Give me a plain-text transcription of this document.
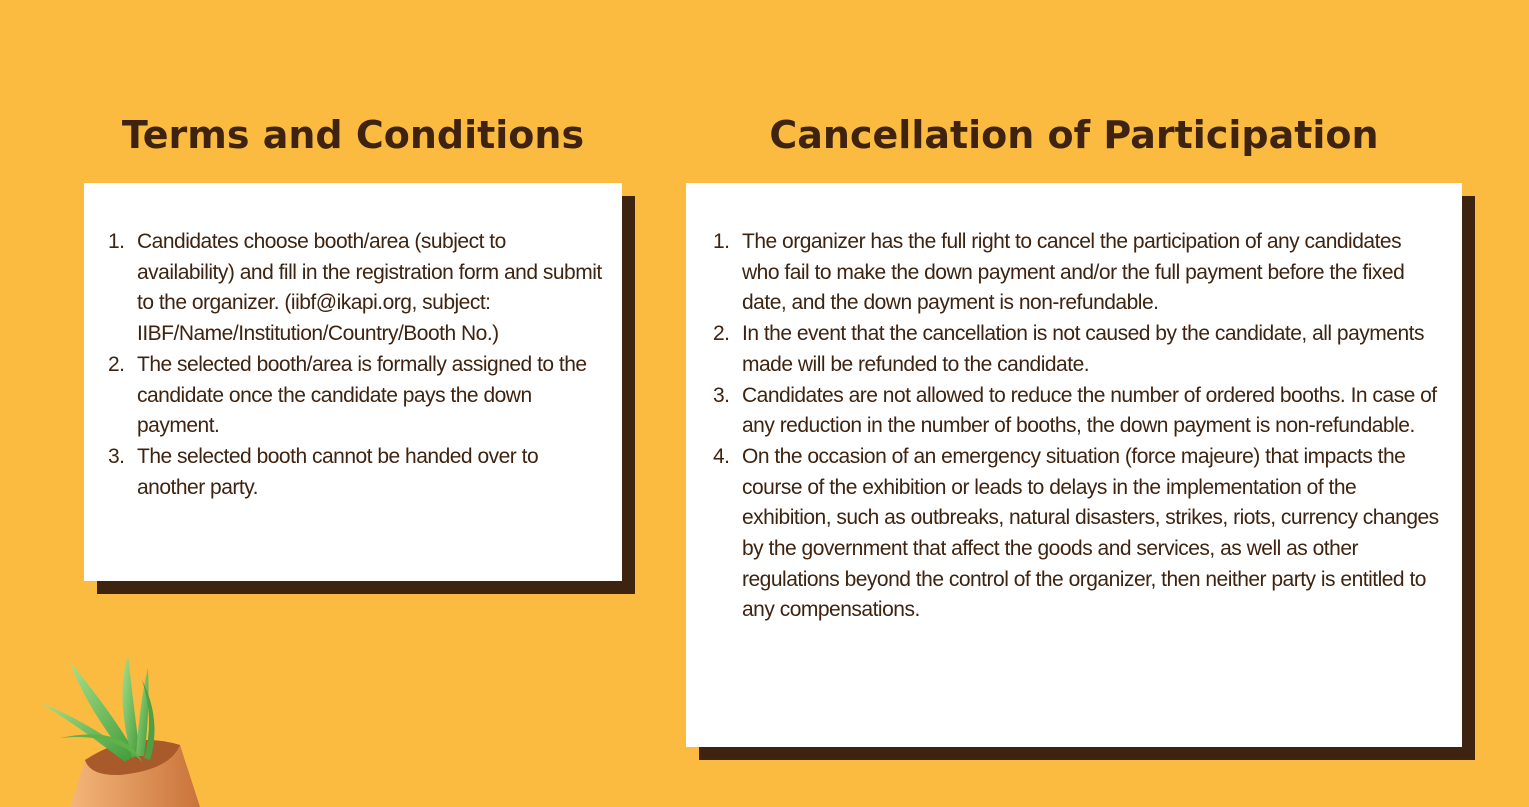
Terms and Conditions	Cancellation of Participation
1. Candidates choose booth/area (subject to availability) and fill in the registration form and submit to the organizer. (iibf@ikapi.org, subject: IIBF/Name/Institution/Country/Booth No.)
2. The selected booth/area is formally assigned to the candidate once the candidate pays the down payment.
3. The selected booth cannot be handed over to another party.
1. The organizer has the full right to cancel the participation of any candidates who fail to make the down payment and/or the full payment before the fixed date, and the down payment is non-refundable.
2. In the event that the cancellation is not caused by the candidate, all payments made will be refunded to the candidate.
3. Candidates are not allowed to reduce the number of ordered booths. In case of any reduction in the number of booths, the down payment is non-refundable.
4. On the occasion of an emergency situation (force majeure) that impacts the course of the exhibition or leads to delays in the implementation of the exhibition, such as outbreaks, natural disasters, strikes, riots, currency changes by the government that affect the goods and services, as well as other regulations beyond the control of the organizer, then neither party is entitled to any compensations.
